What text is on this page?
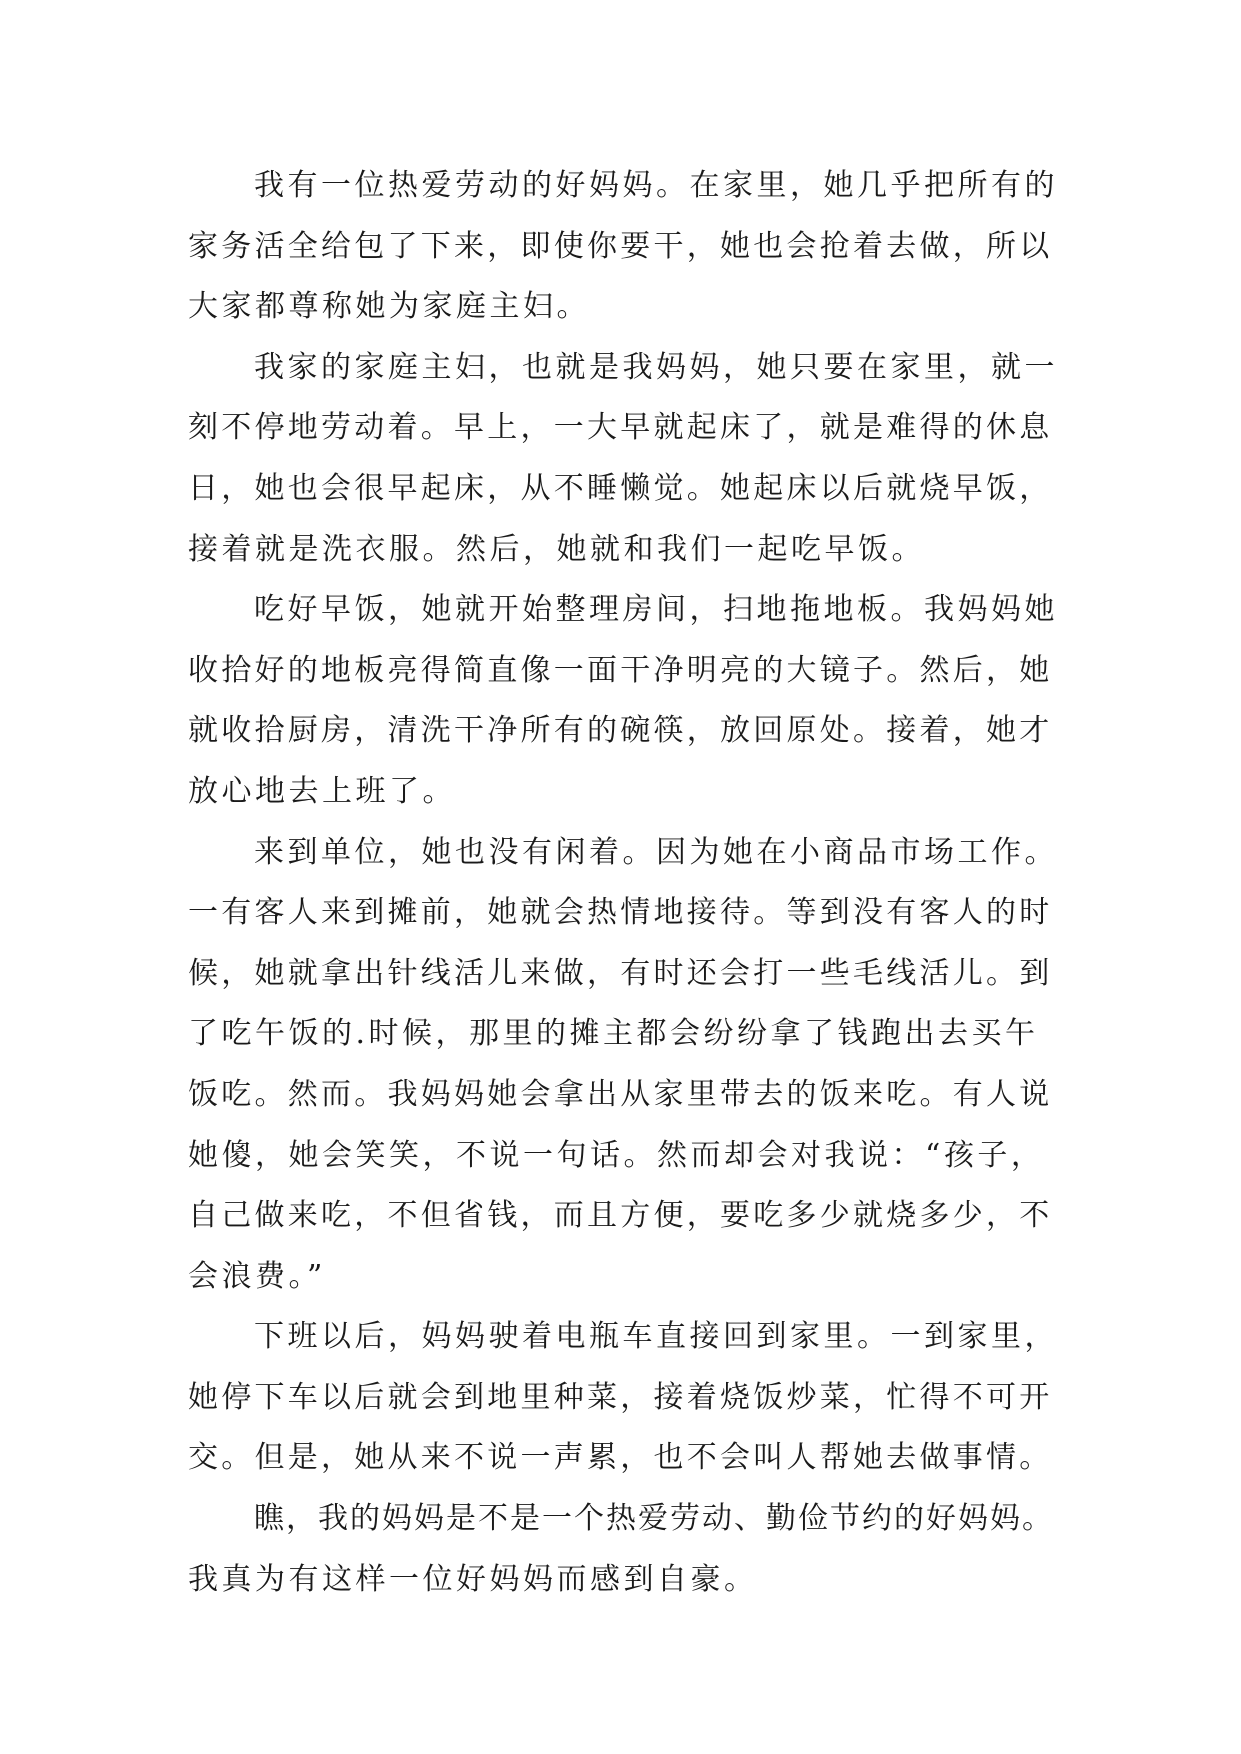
我有一位热爱劳动的好妈妈。在家里，她几乎把所有的
家务活全给包了下来，即使你要干，她也会抢着去做，所以
大家都尊称她为家庭主妇。
我家的家庭主妇，也就是我妈妈，她只要在家里，就一
刻不停地劳动着。早上，一大早就起床了，就是难得的休息
日，她也会很早起床，从不睡懒觉。她起床以后就烧早饭，
接着就是洗衣服。然后，她就和我们一起吃早饭。
吃好早饭，她就开始整理房间，扫地拖地板。我妈妈她
收拾好的地板亮得简直像一面干净明亮的大镜子。然后，她
就收拾厨房，清洗干净所有的碗筷，放回原处。接着，她才
放心地去上班了。
来到单位，她也没有闲着。因为她在小商品市场工作。
一有客人来到摊前，她就会热情地接待。等到没有客人的时
候，她就拿出针线活儿来做，有时还会打一些毛线活儿。到
了吃午饭的.时候，那里的摊主都会纷纷拿了钱跑出去买午
饭吃。然而。我妈妈她会拿出从家里带去的饭来吃。有人说
她傻，她会笑笑，不说一句话。然而却会对我说：“孩子，
自己做来吃，不但省钱，而且方便，要吃多少就烧多少，不
会浪费。”
下班以后，妈妈驶着电瓶车直接回到家里。一到家里，
她停下车以后就会到地里种菜，接着烧饭炒菜，忙得不可开
交。但是，她从来不说一声累，也不会叫人帮她去做事情。
瞧，我的妈妈是不是一个热爱劳动、勤俭节约的好妈妈。
我真为有这样一位好妈妈而感到自豪。
